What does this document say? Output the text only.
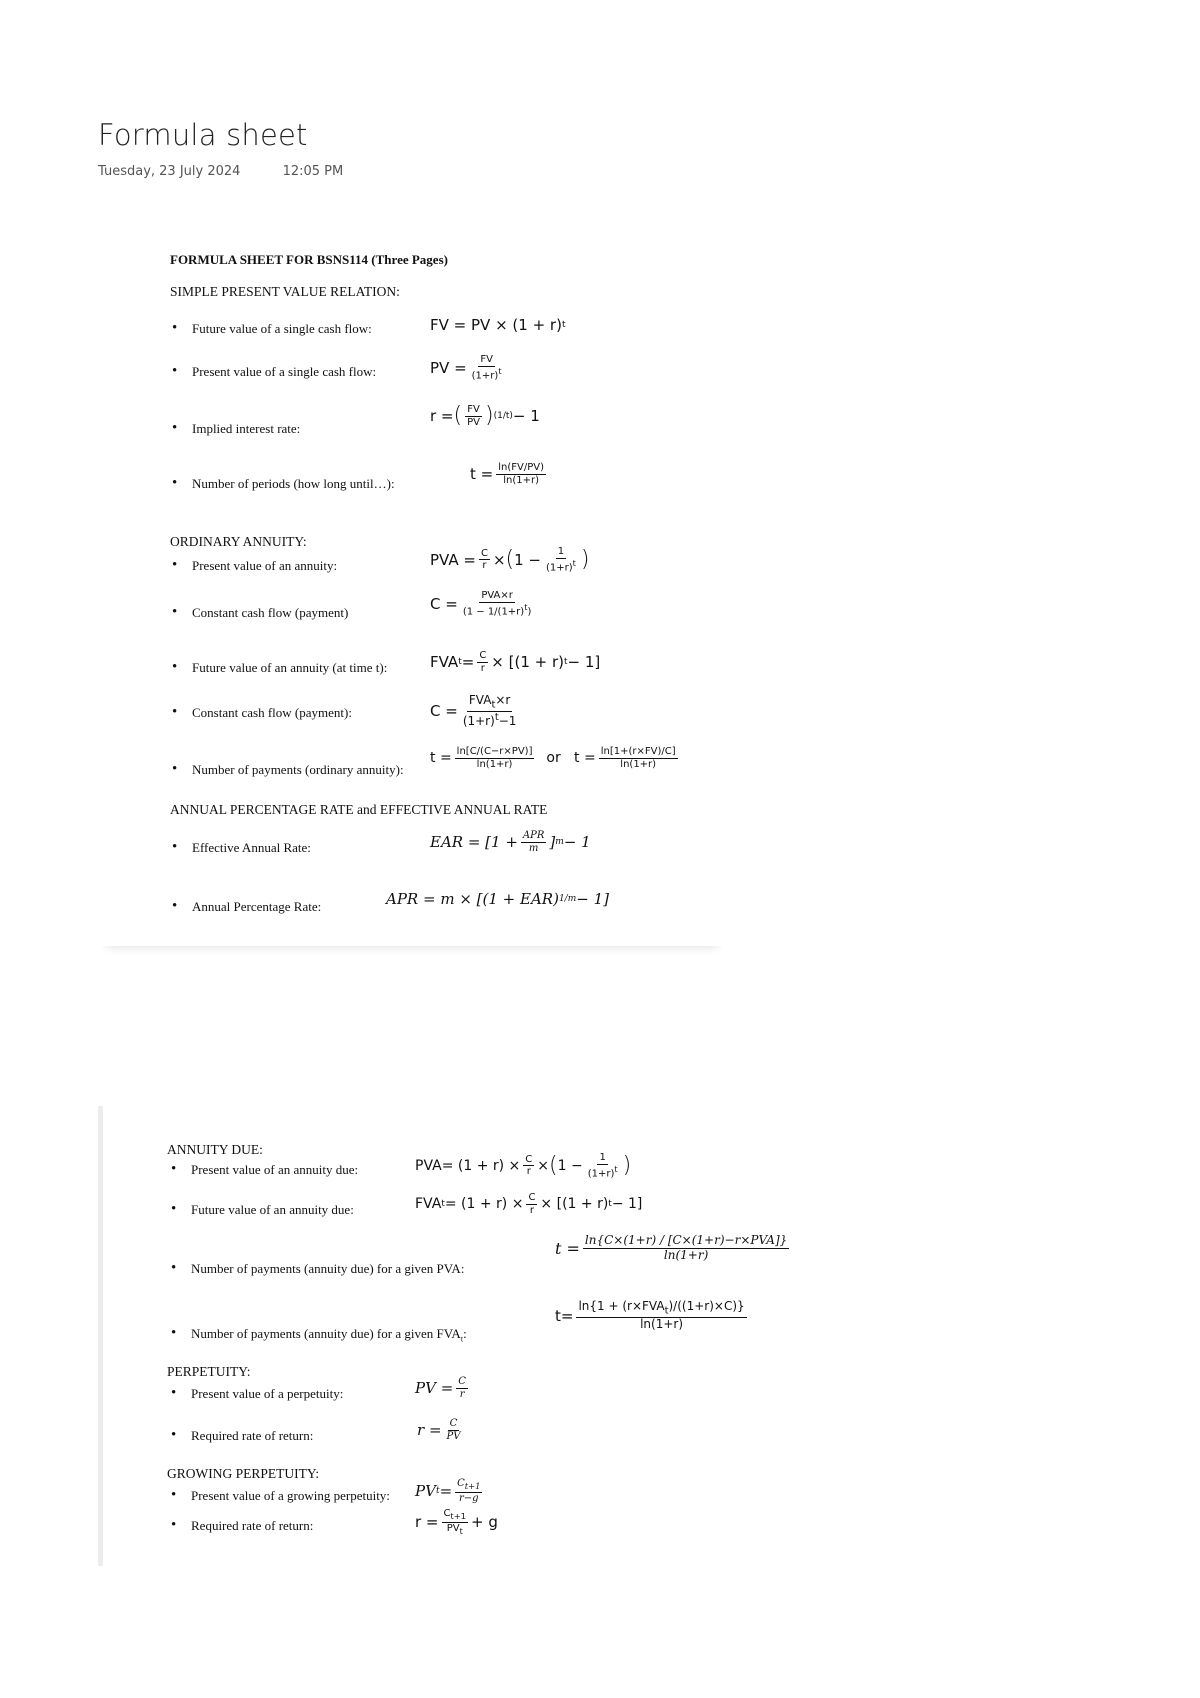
Formula sheet
Tuesday, 23 July 2024	12:05 PM
FORMULA SHEET FOR BSNS114 (Three Pages)
SIMPLE PRESENT VALUE RELATION:
• Future value of a single cash flow:	FV = PV × (1 + r) t
• Present value of a single cash flow:	PV = $\frac{FV}{(1+r)^t}$
• Implied interest rate:
r = ( $\frac{FV}{PV}$ ) (1/t) − 1
• Number of periods (how long until…):
$t = \frac{\ln(FV/PV)}{\ln(1+r)}$
ORDINARY ANNUITY:
• Present value of an annuity:	PVA = $\frac{C}{r}$ × ( $1 - \frac{1}{(1+r)^t}$ )
• Constant cash flow (payment)	$C = \frac{\text{PVA×r}}{(1 - 1/(1+r)^t)}$
• Future value of an annuity (at time t):	FVA $t = \frac{C}{r} \times [(1 + r) t - 1]$
• Constant cash flow (payment):	$C = \frac{FVA_t\times r}{(1+r)^t-1}$
• Number of payments (ordinary annuity):
$t = \frac{\ln[C/(C-r\times PV)]}{\ln(1+r)}$
or $t = \frac{\ln[1+(r\times FV)/C]}{\ln(1+r)}$
ANNUAL PERCENTAGE RATE and EFFECTIVE ANNUAL RATE
• Effective Annual Rate:	EAR = [$1 + \frac{\text{APR}}{m}$ ] m − 1
• Annual Percentage Rate:	APR = m × [(1 + EAR) 1/m − 1]
ANNUITY DUE:
• Present value of an annuity due:	$PVA= (1 + r) \times \frac{C}{r}$ × ( $1 - \frac{1}{(1+r)^t}$ )
• Future value of an annuity due:	FVA $t = (1 + r) \times \frac{C}{r} \times [(1 + r) t - 1]$
• Number of payments (annuity due) for a given PVA:
$t = \frac{\text{ln\{C×(1+r) / [C×(1+r)−r×PVA]\}}}{\ln(1+r)}$
• Number of payments (annuity due) for a given $FVA_t$:
$t= \frac{\ln\{1 + (r\times FVA_t)/((1+r)\times C)\}}{\ln(1+r)}$
PERPETUITY:
• Present value of a perpetuity:	PV = $\frac{C}{r}$
• Required rate of return:	$r = \frac{C}{PV}$
GROWING PERPETUITY:
• Present value of a growing perpetuity: PV $t = \frac{C_{t+1}}{r-g}$
• Required rate of return:	$r = \frac{C_{t+1}}{PV_t} + g$
